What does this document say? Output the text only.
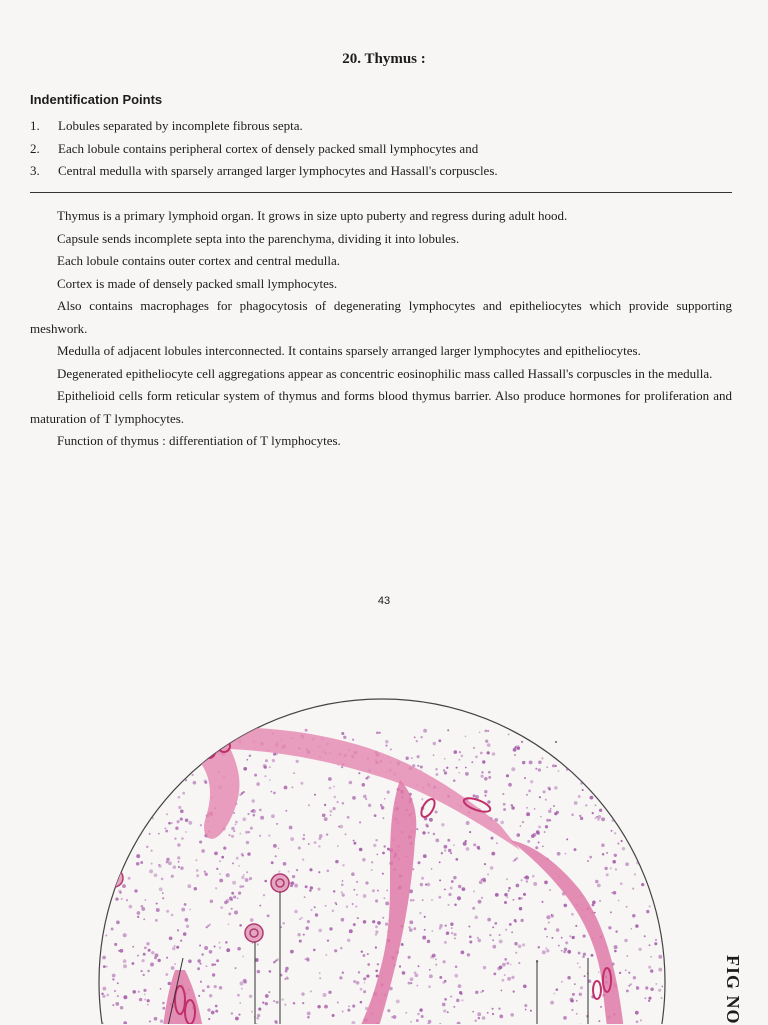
20. Thymus :
Indentification Points
1.	Lobules separated by incomplete fibrous septa.
2.	Each lobule contains peripheral cortex of densely packed small lymphocytes and
3.	Central medulla with sparsely arranged larger lymphocytes and Hassall's corpuscles.

Thymus is a primary lymphoid organ. It grows in size upto puberty and regress during adult hood.

Capsule sends incomplete septa into the parenchyma, dividing it into lobules.

Each lobule contains outer cortex and central medulla.

Cortex is made of densely packed small lymphocytes.

Also contains macrophages for phagocytosis of degenerating lymphocytes and epitheliocytes which provide supporting meshwork.

Medulla of adjacent lobules interconnected. It contains sparsely arranged larger lymphocytes and epitheliocytes.

Degenerated epitheliocyte cell aggregations appear as concentric eosinophilic mass called Hassall's corpuscles in the medulla.

Epithelioid cells form reticular system of thymus and forms blood thymus barrier. Also produce hormones for proliferation and maturation of T lymphocytes.

Function of thymus : differentiation of T lymphocytes.

43
FIG NO
